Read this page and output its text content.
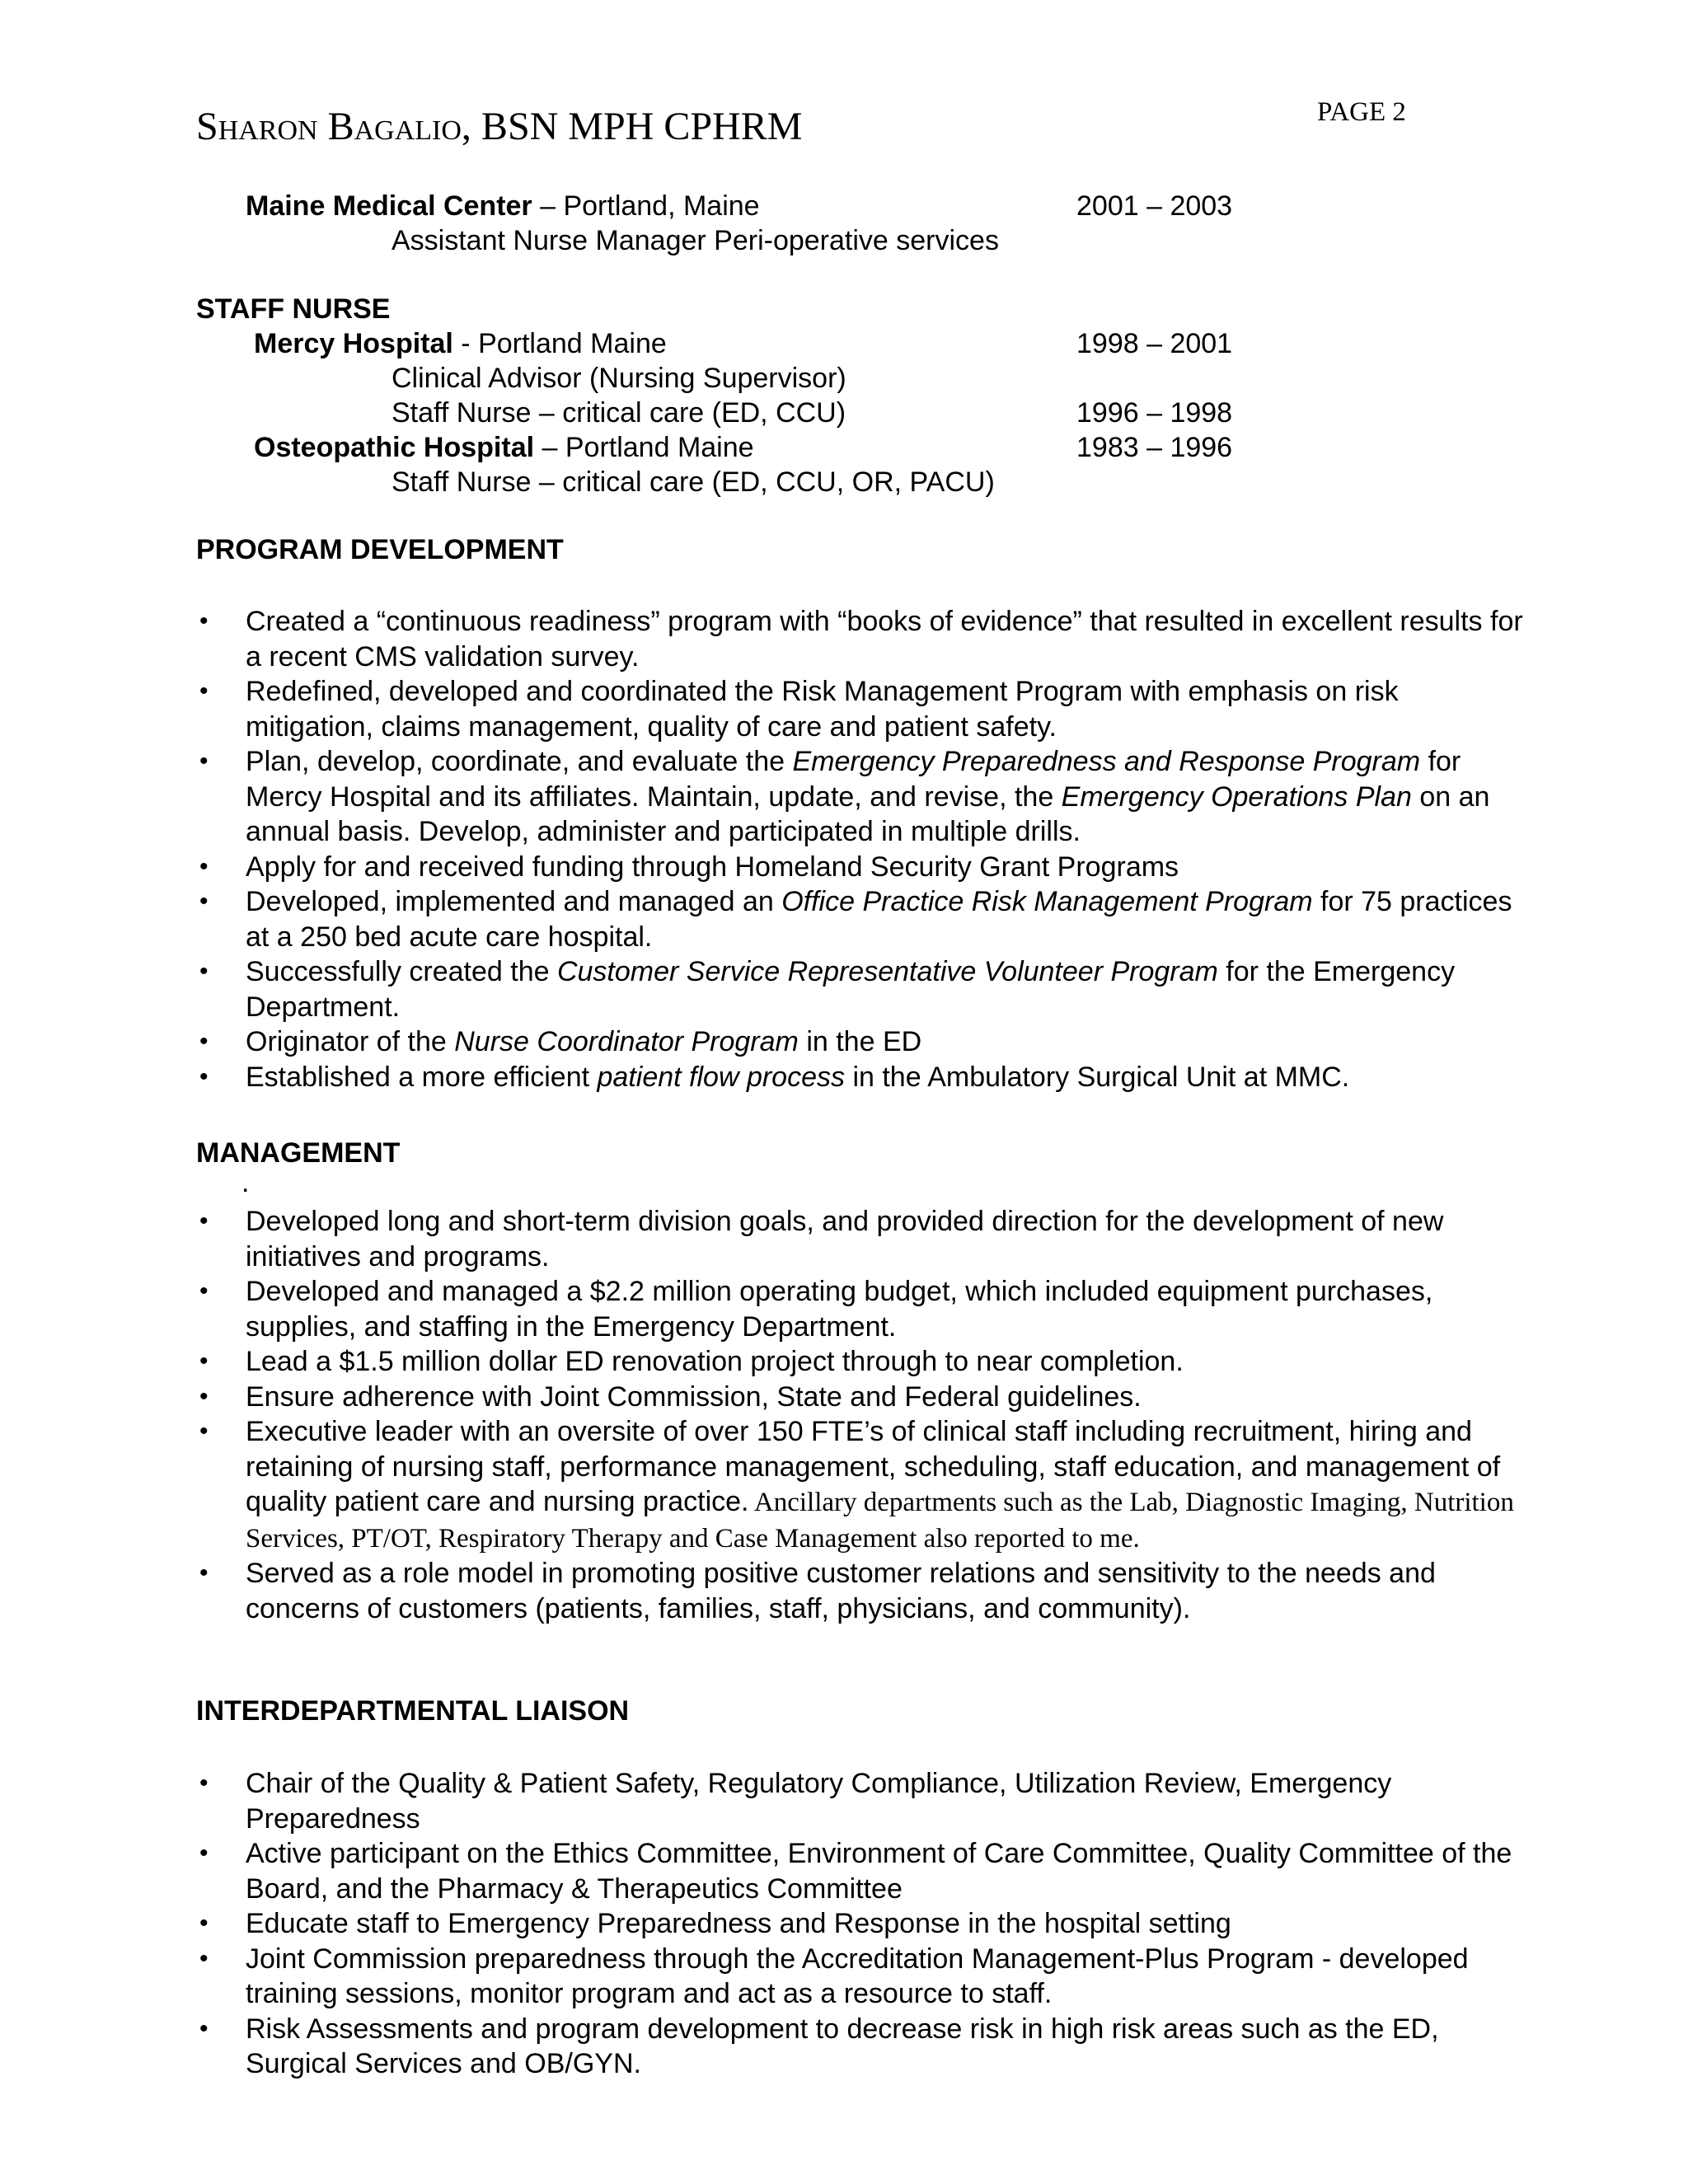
Sharon Bagalio, BSN MPH CPHRM	PAGE 2
Maine Medical Center – Portland, Maine	2001 – 2003
Assistant Nurse Manager Peri-operative services
STAFF NURSE
Mercy Hospital - Portland Maine	1998 – 2001
Clinical Advisor (Nursing Supervisor)
Staff Nurse – critical care (ED, CCU)	1996 – 1998
Osteopathic Hospital – Portland Maine	1983 – 1996
Staff Nurse – critical care (ED, CCU, OR, PACU)
PROGRAM DEVELOPMENT
• Created a “continuous readiness” program with “books of evidence” that resulted in excellent results for a recent CMS validation survey.
• Redefined, developed and coordinated the Risk Management Program with emphasis on risk mitigation, claims management, quality of care and patient safety.
• Plan, develop, coordinate, and evaluate the Emergency Preparedness and Response Program for Mercy Hospital and its affiliates. Maintain, update, and revise, the Emergency Operations Plan on an annual basis. Develop, administer and participated in multiple drills.
• Apply for and received funding through Homeland Security Grant Programs
• Developed, implemented and managed an Office Practice Risk Management Program for 75 practices at a 250 bed acute care hospital.
• Successfully created the Customer Service Representative Volunteer Program for the Emergency Department.
• Originator of the Nurse Coordinator Program in the ED
• Established a more efficient patient flow process in the Ambulatory Surgical Unit at MMC.
MANAGEMENT
.
• Developed long and short-term division goals, and provided direction for the development of new initiatives and programs.
• Developed and managed a $2.2 million operating budget, which included equipment purchases, supplies, and staffing in the Emergency Department.
• Lead a $1.5 million dollar ED renovation project through to near completion.
• Ensure adherence with Joint Commission, State and Federal guidelines.
• Executive leader with an oversite of over 150 FTE’s of clinical staff including recruitment, hiring and retaining of nursing staff, performance management, scheduling, staff education, and management of quality patient care and nursing practice. Ancillary departments such as the Lab, Diagnostic Imaging, Nutrition Services, PT/OT, Respiratory Therapy and Case Management also reported to me.
• Served as a role model in promoting positive customer relations and sensitivity to the needs and concerns of customers (patients, families, staff, physicians, and community).
INTERDEPARTMENTAL LIAISON
• Chair of the Quality & Patient Safety, Regulatory Compliance, Utilization Review, Emergency Preparedness
• Active participant on the Ethics Committee, Environment of Care Committee, Quality Committee of the Board, and the Pharmacy & Therapeutics Committee
• Educate staff to Emergency Preparedness and Response in the hospital setting
• Joint Commission preparedness through the Accreditation Management-Plus Program - developed training sessions, monitor program and act as a resource to staff.
• Risk Assessments and program development to decrease risk in high risk areas such as the ED, Surgical Services and OB/GYN.
